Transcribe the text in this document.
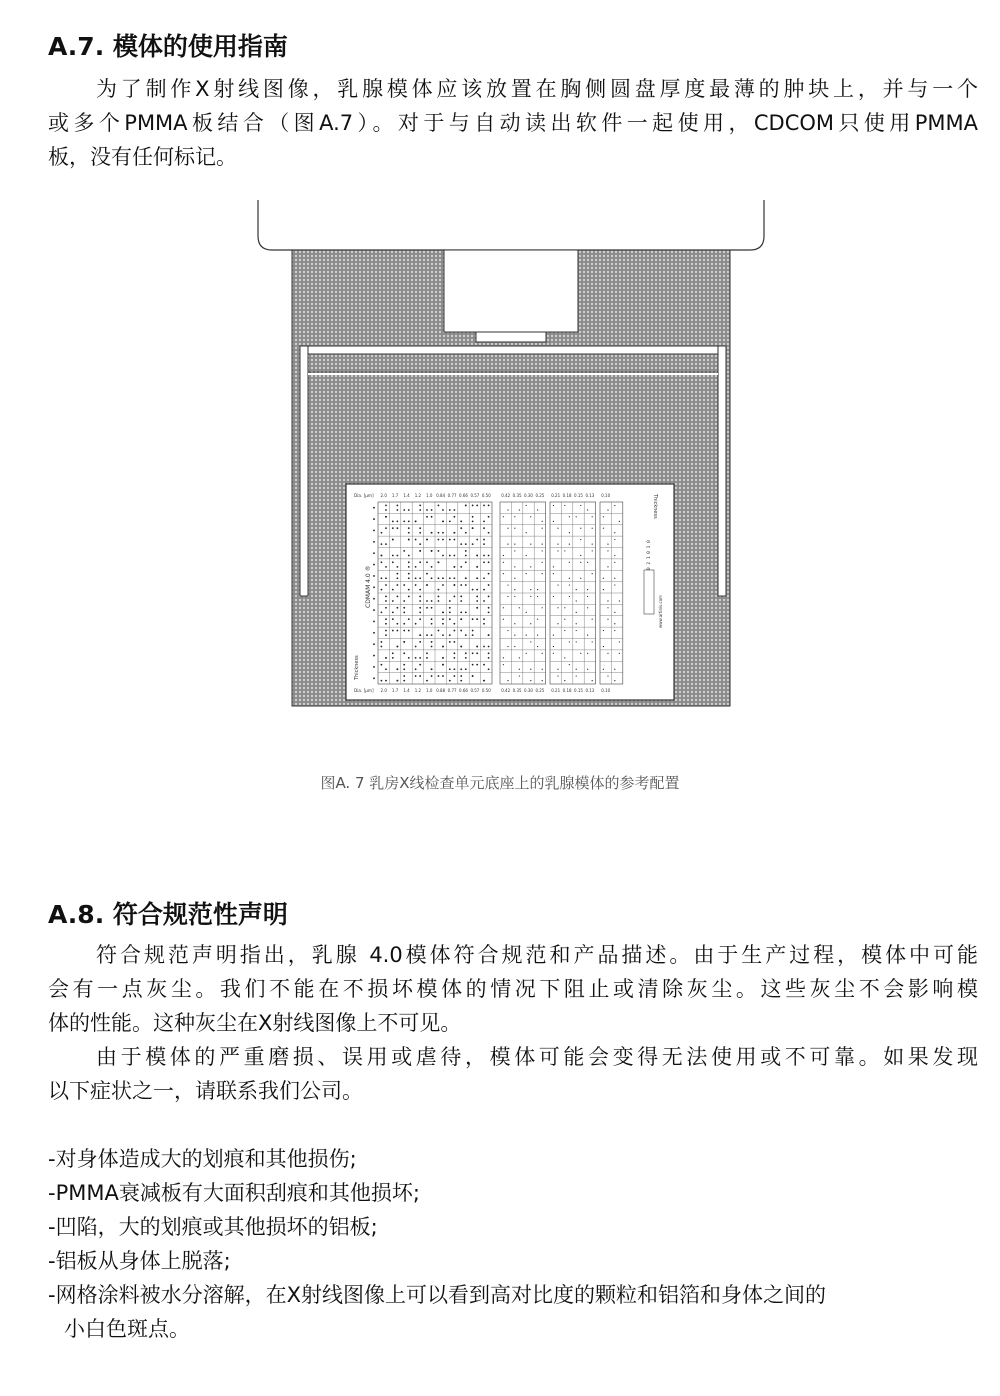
A.7. 模体的使用指南

为了制作X射线图像，乳腺模体应该放置在胸侧圆盘厚度最薄的肿块上，并与一个

或多个PMMA板结合（图A.7）。对于与自动读出软件一起使用，CDCOM只使用PMMA

板，没有任何标记。

2.0
2.0
1.7
1.7
1.4
1.4
1.2
1.2
1.0
1.0
0.84
0.88
0.77
0.77
0.66
0.66
0.57
0.57
0.50
0.50
0.42
0.42
0.35
0.35
0.30
0.30
0.25
0.25
0.21
0.21
0.18
0.18
0.15
0.15
0.13
0.13
0.10
0.10
CDMAM 4.0 ®
Thickness
Thickness
0 2 1 0 1 0
www.artinis.com
Dia. [µm]
Dia. [µm]
图A. 7 乳房X线检查单元底座上的乳腺模体的参考配置
A.8. 符合规范性声明

符合规范声明指出，乳腺 4.0模体符合规范和产品描述。由于生产过程，模体中可能

会有一点灰尘。我们不能在不损坏模体的情况下阻止或清除灰尘。这些灰尘不会影响模

体的性能。这种灰尘在X射线图像上不可见。

由于模体的严重磨损、误用或虐待，模体可能会变得无法使用或不可靠。如果发现

以下症状之一，请联系我们公司。

-对身体造成大的划痕和其他损伤;

-PMMA衰减板有大面积刮痕和其他损坏;

-凹陷，大的划痕或其他损坏的铝板;

-铝板从身体上脱落;

-网格涂料被水分溶解，在X射线图像上可以看到高对比度的颗粒和铝箔和身体之间的

小白色斑点。
